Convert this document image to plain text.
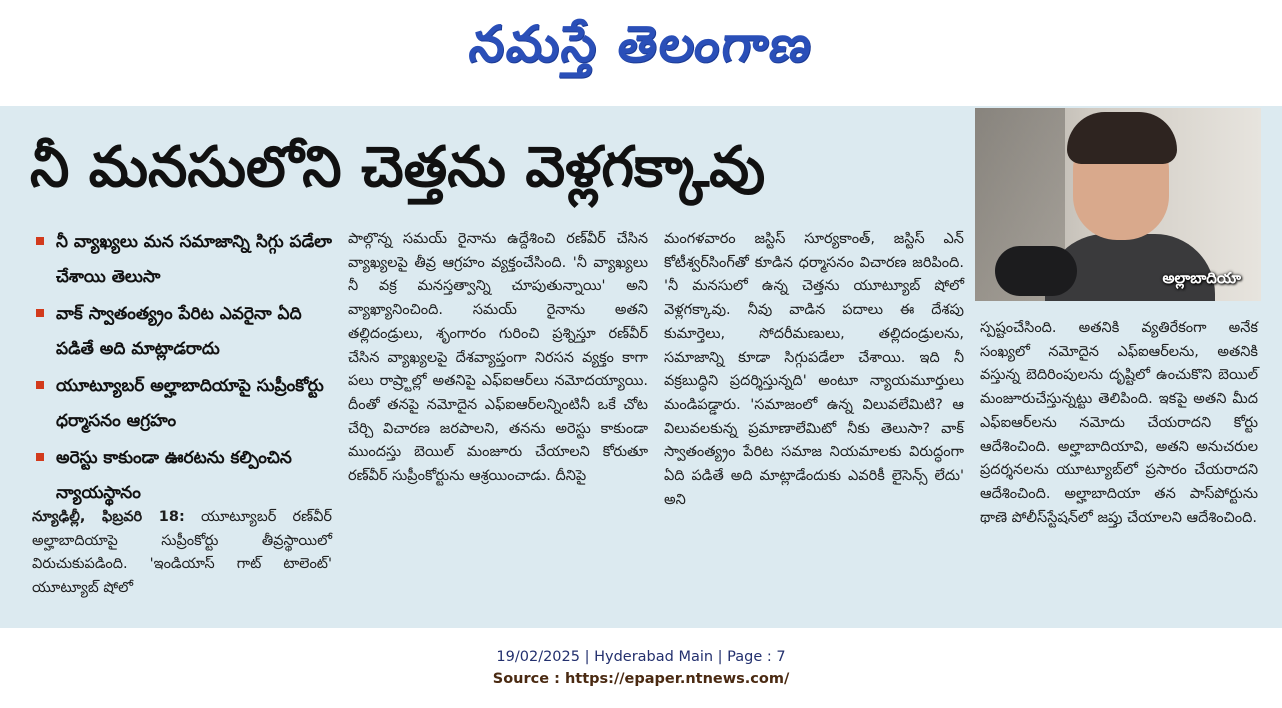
నమస్తే తెలంగాణ
నీ మనసులోని చెత్తను వెళ్లగక్కావు
అల్లాబాదియా
నీ వ్యాఖ్యలు మన సమాజాన్ని సిగ్గు పడేలా చేశాయి తెలుసా
వాక్ స్వాతంత్య్రం పేరిట ఎవరైనా ఏది పడితే అది మాట్లాడరాదు
యూట్యూబర్ అల్హాబాదియాపై సుప్రీంకోర్టు ధర్మాసనం ఆగ్రహం
అరెస్టు కాకుండా ఊరటను కల్పించిన న్యాయస్థానం

న్యూఢిల్లీ, ఫిబ్రవరి 18: యూట్యూబర్ రణ్‌వీర్ అల్హాబాదియాపై సుప్రీంకోర్టు తీవ్రస్థాయిలో విరుచుకుపడింది. 'ఇండియాస్ గాట్ టాలెంట్' యూట్యూబ్ షోలో

పాల్గొన్న సమయ్ రైనాను ఉద్దేశించి రణ్‌వీర్ చేసిన వ్యాఖ్యలపై తీవ్ర ఆగ్రహం వ్యక్తంచేసింది. 'నీ వ్యాఖ్యలు నీ వక్ర మనస్తత్వాన్ని చూపుతున్నాయి' అని వ్యాఖ్యానించింది. సమయ్ రైనాను అతని తల్లిదండ్రులు, శృంగారం గురించి ప్రశ్నిస్తూ రణ్‌వీర్ చేసిన వ్యాఖ్యలపై దేశవ్యాప్తంగా నిరసన వ్యక్తం కాగా పలు రాష్ర్టాల్లో అతనిపై ఎఫ్‌ఐఆర్‌లు నమోదయ్యాయి. దీంతో తనపై నమోదైన ఎఫ్‌ఐఆర్‌లన్నింటినీ ఒకే చోట చేర్చి విచారణ జరపాలని, తనను అరెస్టు కాకుండా ముందస్తు బెయిల్ మంజూరు చేయాలని కోరుతూ రణ్‌వీర్ సుప్రీంకోర్టును ఆశ్రయించాడు. దీనిపై

మంగళవారం జస్టిస్ సూర్యకాంత్, జస్టిస్ ఎన్ కోటీశ్వర్‌సింగ్‌తో కూడిన ధర్మాసనం విచారణ జరిపింది. 'నీ మనసులో ఉన్న చెత్తను యూట్యూబ్ షోలో వెళ్లగక్కావు. నీవు వాడిన పదాలు ఈ దేశపు కుమార్తెలు, సోదరీమణులు, తల్లిదండ్రులను, సమాజాన్ని కూడా సిగ్గుపడేలా చేశాయి. ఇది నీ వక్రబుద్ధిని ప్రదర్శిస్తున్నది' అంటూ న్యాయమూర్తులు మండిపడ్డారు. 'సమాజంలో ఉన్న విలువలేమిటి? ఆ విలువలకున్న ప్రమాణాలేమిటో నీకు తెలుసా? వాక్ స్వాతంత్య్రం పేరిట సమాజ నియమాలకు విరుద్ధంగా ఏది పడితే అది మాట్లాడేందుకు ఎవరికీ లైసెన్స్ లేదు' అని

స్పష్టంచేసింది. అతనికి వ్యతిరేకంగా అనేక సంఖ్యలో నమోదైన ఎఫ్‌ఐఆర్‌లను, అతనికి వస్తున్న బెదిరింపులను దృష్టిలో ఉంచుకొని బెయిల్ మంజూరుచేస్తున్నట్టు తెలిపింది. ఇకపై అతని మీద ఎఫ్‌ఐఆర్‌లను నమోదు చేయరాదని కోర్టు ఆదేశించింది. అల్హాబాదియావి, అతని అనుచరుల ప్రదర్శనలను యూట్యూబ్‌లో ప్రసారం చేయరాదని ఆదేశించింది. అల్హాబాదియా తన పాస్‌పోర్టును థాణె పోలీస్‌స్టేషన్‌లో జప్తు చేయాలని ఆదేశించింది.

19/02/2025 | Hyderabad Main | Page : 7
Source : https://epaper.ntnews.com/
